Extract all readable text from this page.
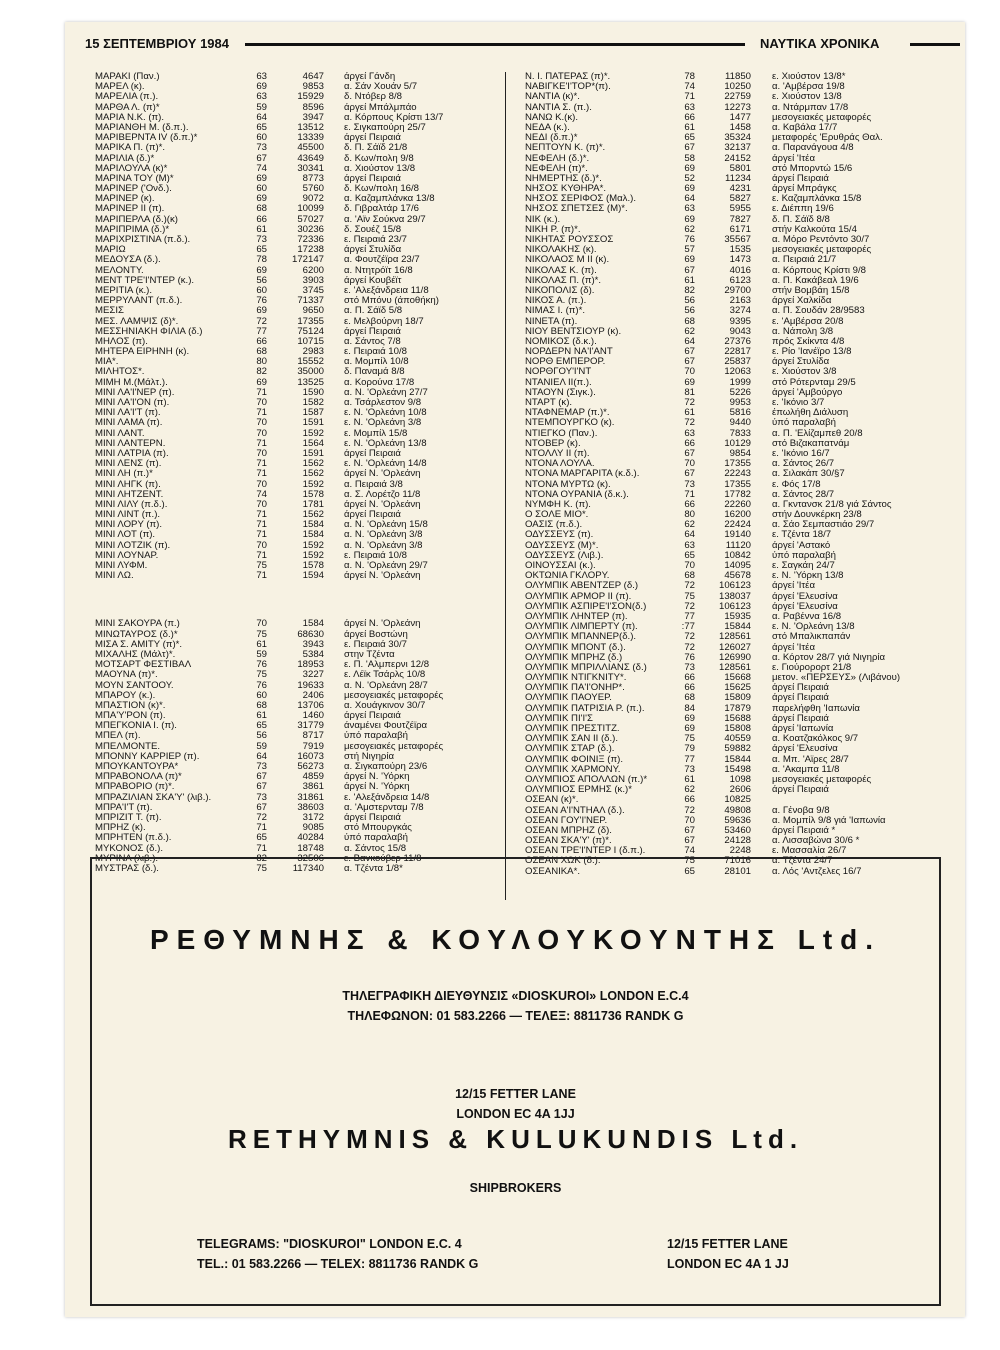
15 ΣΕΠΤΕΜΒΡΙΟΥ 1984	ΝΑΥΤΙΚΑ ΧΡΟΝΙΚΑ
ΜΑΡΑΚΙ (Παν.)	63	4647 άργεί Γάνδη
ΜΑΡΕΛ (κ).	69	9853 α. Σάν Χουάν 5/7
ΜΑΡΕΛΙΑ (π.).	63	15929 δ. Ντόβερ 8/8
ΜΑΡΘΑ Λ. (π)*	59	8596 άργεί Μπάλμπάο
ΜΑΡΙΑ Ν.Κ. (π).	64	3947 α. Κόρπους Κρίστι 13/7
ΜΑΡΙΑΝΘΗ Μ. (δ.π.).	65	13512 ε. Σιγκαπούρη 25/7
ΜΑΡΙΒΕΡΝΤΑ IV (δ.π.)*	60	13339 άργεί Πειραιά
ΜΑΡΙΚΑ Π. (π)*.	73	45500 δ. Π. Σάϊδ 21/8
ΜΑΡΙΛΙΑ (δ.)*	67	43649 δ. Κων/πολη 9/8
ΜΑΡΙΛΟΥΛΑ (κ)*	74	30341 α. Χιούστον 13/8
ΜΑΡΙΝΑ ΤΟΥ (Μ)*	69	8773 άργεί Πειραιά
ΜΑΡΙΝΕΡ ('Ονδ.).	60	5760 δ. Κων/πολη 16/8
ΜΑΡΙΝΕΡ (κ).	69	9072 α. Καζαμπλάνκα 13/8
ΜΑΡΙΝΕΡ II (π).	68	10099 δ. Γιβραλτάρ 17/6
ΜΑΡΙΠΕΡΛΑ (δ.)(κ)	66	57027 α. 'Αϊν Σούκνα 29/7
ΜΑΡΙΠΡΙΜΑ (δ.)*	61	30236 δ. Σουέζ 15/8
ΜΑΡΙΧΡΙΣΤΙΝΑ (π.δ.).	73	72336 ε. Πειραιά 23/7
ΜΑΡΙΩ	65	17238 άργεί Στυλίδα
ΜΕΔΟΥΣΑ (δ.).	78	172147 α. Φουτζέϊρα 23/7
ΜΕΛΟΝΤΥ.	69	6200 α. Ντητρόϊτ 16/8
ΜΕΝΤ ΤΡΕ'Ι'ΝΤΕΡ (κ.).	56	3903 άργεί Κουβέϊτ
ΜΕΡΙΤΙΑ (κ.).	60	3745 ε. 'Αλεξάνδρεια 11/8
ΜΕΡΡΥΛΑΝΤ (π.δ.).	76	71337 στό Μπόνυ (άποθήκη)
ΜΕΣΙΣ	69	9650 α. Π. Σάϊδ 5/8
ΜΕΣ. ΛΑΜΨΙΣ (δ)*.	72	17355 ε. Μελβούρνη 18/7
ΜΕΣΣΗΝΙΑΚΗ ΦΙΛΙΑ (δ.)	77	75124 άργεί Πειραιά
ΜΗΛΟΣ (π).	66	10715 α. Σάντος 7/8
ΜΗΤΕΡΑ ΕΙΡΗΝΗ (κ).	68	2983 ε. Πειραιά 10/8
ΜΙΑ*.	80	15552 α. Μομπίλ 10/8
ΜΙΛΗΤΟΣ*.	82	35000 δ. Παναμά 8/8
ΜΙΜΗ Μ.(Μάλτ.).	69	13525 α. Κορούνα 17/8
ΜΙΝΙ ΛΑ'Ι'ΝΕΡ (π).	71	1590 α. Ν. 'Ορλεάνη 27/7
ΜΙΝΙ ΛΑ'Ι'ΟΝ (π).	70	1582 α. Τσάρλεστον 9/8
ΜΙΝΙ ΛΑ'Ι'Τ (π).	71	1587 ε. Ν. 'Ορλεάνη 10/8
ΜΙΝΙ ΛΑΜΑ (π).	70	1591 ε. Ν. 'Ορλεάνη 3/8
ΜΙΝΙ ΛΑΝΤ.	70	1592 ε. Μομπίλ 15/8
ΜΙΝΙ ΛΑΝΤΕΡΝ.	71	1564 ε. Ν. 'Ορλεάνη 13/8
ΜΙΝΙ ΛΑΤΡΙΑ (π).	70	1591 άργεί Πειραιά
ΜΙΝΙ ΛΕΝΣ (π).	71	1562 ε. Ν. 'Ορλεάνη 14/8
ΜΙΝΙ ΛΗ (π.)*	71	1562 άργεί Ν. 'Ορλεάνη
ΜΙΝΙ ΛΗΓΚ (π).	70	1592 α. Πειραιά 3/8
ΜΙΝΙ ΛΗΤΖΕΝΤ.	74	1578 α. Σ. Λορέτζο 11/8
ΜΙΝΙ ΛΙΛΥ (π.δ.).	70	1781 άργεί Ν. 'Ορλεάνη
ΜΙΝΙ ΛΙΝΤ (π.).	71	1562 άργεί Πειραιά
ΜΙΝΙ ΛΟΡΥ (π).	71	1584 α. Ν. 'Ορλεάνη 15/8
ΜΙΝΙ ΛΟΤ (π).	71	1584 α. Ν. 'Ορλεάνη 3/8
ΜΙΝΙ ΛΟΤΖΙΚ (π).	70	1592 α. Ν. 'Ορλεάνη 3/8
ΜΙΝΙ ΛΟΥΝΑΡ.	71	1592 ε. Πειραιά 10/8
ΜΙΝΙ ΛΥΦΜ.	75	1578 α. Ν. 'Ορλεάνη 29/7
ΜΙΝΙ ΛΩ.	71	1594 άργεί Ν. 'Ορλεάνη
ΜΙΝΙ ΣΑΚΟΥΡΑ (π.)	70	1584 άργεί Ν. 'Ορλεάνη
ΜΙΝΩΤΑΥΡΟΣ (δ.)*	75	68630 άργεί Βοστώνη
ΜΙΣΑ Σ. ΑΜΙΤΥ (π)*.	61	3943 ε. Πειραιά 30/7
ΜΙΧΑΛΗΣ (Μάλτ)*.	59	5384 στην Τζέντα
ΜΟΤΣΑΡΤ ΦΕΣΤΙΒΑΛ	76	18953 ε. Π. 'Αλμπερνι 12/8
ΜΑΟΥΝΑ (π)*.	75	3227 ε. Λέϊκ Τσάρλς 10/8
ΜΟΥΝ ΣΑΝΤΟΟΥ.	76	19633 α. Ν. 'Ορλεάνη 28/7
ΜΠΑΡΟΥ (κ.).	60	2406 μεσογειακές μεταφορές
ΜΠΑΣΤΙΟΝ (κ)*.	68	13706 α. Χουάγκινον 30/7
ΜΠΑ'Υ'ΡΟΝ (π).	61	1460 άργεί Πειραιά
ΜΠΕΓΚΟΝΙΑ Ι. (π).	65	31779 άναμένει Φουτζέϊρα
ΜΠΕΛ (π).	56	8717 ύπό παραλαβή
ΜΠΕΛΜΟΝΤΕ.	59	7919 μεσογειακές μεταφορές
ΜΠΟΝΝΥ ΚΑΡΡΙΕΡ (π).	64	16073 στή Νιγηρία
ΜΠΟΥΚΑΝΤΟΥΡΑ*	73	56273 α. Σιγκαπούρη 23/6
ΜΠΡΑΒΟΝΟΛΑ (π)*	67	4859 άργεί Ν. 'Υόρκη
ΜΠΡΑΒΟΡΙΟ (π)*.	67	3861 άργεί Ν. 'Υόρκη
ΜΠΡΑΖΙΛΙΑΝ ΣΚΑ'Υ' (λιβ.).	73	31861 ε. 'Αλεξάνδρεια 14/8
ΜΠΡΑ'Ι'Τ (π).	67	38603 α. 'Αμστερνταμ 7/8
ΜΠΡΙΖΙΤ Τ. (π).	72	3172 άργεί Πειραιά
ΜΠΡΗΖ (κ).	71	9085 στό Μπουργκάς
ΜΠΡΗΤΕΝ (π.δ.).	65	40284 ύπό παραλαβή
ΜΥΚΟΝΟΣ (δ.).	71	18748 α. Σάντος 15/8
ΜΥΡΙΝΑ (λιβ.).	82	32506 ε. Βανκούβερ 11/8
ΜΥΣΤΡΑΣ (δ.).	75	117340 α. Τζέντα 1/8*
Ν. Ι. ΠΑΤΕΡΑΣ (π)*.	78	11850 ε. Χιούστον 13/8*
ΝΑΒΙΓΚΕ'Ι'ΤΟΡ*(π).	74	10250 α. 'Αμβέρσα 19/8
ΝΑΝΤΙΑ (κ)*.	71	22759 ε. Χιούστον 13/8
ΝΑΝΤΙΑ Σ. (π.).	63	12273 α. Ντάρμπαν 17/8
ΝΑΝΩ Κ.(κ).	66	1477 μεσογειακές μεταφορές
ΝΕΔΑ (κ.).	61	1458 α. Καβάλα 17/7
ΝΕΔΙ (δ.π.)*	65	35324 μεταφορές 'Ερυθράς Θαλ.
ΝΕΠΤΟΥΝ Κ. (π)*.	67	32137 α. Παρανάγουα 4/8
ΝΕΦΕΛΗ (δ.)*.	58	24152 άργεί 'Ιτέα
ΝΕΦΕΛΗ (π)*.	69	5801 στό Μπορντώ 15/6
ΝΗΜΕΡΤΗΣ (δ.)*.	52	11234 άργεί Πειραιά
ΝΗΣΟΣ ΚΥΘΗΡΑ*.	69	4231 άργεί Μπράγκς
ΝΗΣΟΣ ΣΕΡΙΦΟΣ (Μαλ.).	64	5827 ε. Καζαμπλάνκα 15/8
ΝΗΣΟΣ ΣΠΕΤΣΕΣ (Μ)*.	63	5955 ε. Διέππη 19/6
ΝΙΚ (κ.).	69	7827 δ. Π. Σάϊδ 8/8
ΝΙΚΗ Ρ. (π)*.	62	6171 στήν Καλκούτα 15/4
ΝΙΚΗΤΑΣ ΡΟΥΣΣΟΣ	76	35567 α. Μόρο Ρεντόντο 30/7
ΝΙΚΟΛΑΚΗΣ (κ).	57	1535 μεσογειακές μεταφορές
ΝΙΚΟΛΑΟΣ Μ ΙΙ (κ).	69	1473 α. Πειραιά 21/7
ΝΙΚΟΛΑΣ Κ. (π).	67	4016 α. Κόρπους Κρίστι 9/8
ΝΙΚΟΛΑΣ Π. (π)*.	61	6123 α. Π. Κακάβεαλ 19/6
ΝΙΚΟΠΟΛΙΣ (δ).	82	29700 στήν Βομβάη 15/8
ΝΙΚΟΣ Α. (π.).	56	2163 άργεί Χαλκίδα
ΝΙΜΑΣ Ι. (π)*.	56	3274 α. Π. Σουδάν 28/9583
ΝΙΝΕΤΑ (π).	68	9395 ε. 'Αμβέρσα 20/8
ΝΙΟΥ ΒΕΝΤΣΙΟΥΡ (κ).	62	9043 α. Νάπολη 3/8
ΝΟΜΙΚΟΣ (δ.κ.).	64	27376 πρός Σκίκντα 4/8
ΝΟΡΔΕΡΝ ΝΑ'Ι'ΑΝΤ	67	22817 ε. Ρίο 'Ιανέϊρο 13/8
ΝΟΡΘ ΕΜΠΕΡΟΡ.	67	25837 άργεί Στυλίδα
ΝΟΡΘΓΟΥ'Ι'ΝΤ	70	12063 ε. Χιούστον 3/8
ΝΤΑΝΙΕΛ ΙΙ(π.).	69	1999 στό Ρότερνταμ 29/5
ΝΤΑΟΥΝ (Σιγκ.).	81	5226 άργεί 'Αμβούργο
ΝΤΑΡΤ (κ).	72	9953 ε. 'Ικόνιο 3/7
ΝΤΑΦΝΕΜΑΡ (π.)*.	61	5816 έπωλήθη Διάλυση
ΝΤΕΜΠΟΥΡΓΚΟ (κ).	72	9440 ύπό παραλαβή
ΝΤΙΕΓΚΟ (Παν.).	63	7833 α. Π. 'Ελίζαμπεθ 20/8
ΝΤΟΒΕΡ (κ).	66	10129 στό Βιζακαπατνάμ
ΝΤΟΛΛΥ ΙΙ (π).	67	9854 ε. 'Ικόνιο 16/7
ΝΤΟΝΑ ΛΟΥΛΑ.	70	17355 α. Σάντος 26/7
ΝΤΟΝΑ ΜΑΡΓΑΡΙΤΑ (κ.δ.).	67	22243 α. Σιλακάπ 30/§7
ΝΤΟΝΑ ΜΥΡΤΩ (κ).	73	17355 ε. Φός 17/8
ΝΤΟΝΑ ΟΥΡΑΝΙΑ (δ.κ.).	71	17782 α. Σάντος 28/7
ΝΥΜΦΗ Κ. (π).	66	22260 α. Γκντανσκ 21/8 γιά Σάντος
Ο ΣΟΛΕ ΜΙΟ*.	80	16200 στήν Δουνκέρκη 23/8
ΟΑΣΙΣ (π.δ.).	62	22424 α. Σάο Σεμπαστιάο 29/7
ΟΔΥΣΣΕΥΣ (π).	64	19140 ε. Τζέντα 18/7
ΟΔΥΣΣΕΥΣ (Μ)*.	63	11120 άργεί 'Αστακό
ΟΔΥΣΣΕΥΣ (Λιβ.).	65	10842 ύπό παραλαβή
ΟΙΝΟΥΣΣΑΙ (κ.).	70	14095 ε. Σαγκάη 24/7
ΟΚΤΩΝΙΑ ΓΚΛΟΡΥ.	68	45678 ε. Ν. 'Υόρκη 13/8
ΟΛΥΜΠΙΚ ΑΒΕΝΤΖΕΡ (δ.)	72	106123 άργεί 'Ιτέα
ΟΛΥΜΠΙΚ ΑΡΜΟΡ ΙΙ (π).	75	138037 άργεί 'Ελευσίνα
ΟΛΥΜΠΙΚ ΑΣΠΙΡΕ'Ι'ΣΟΝ(δ.)	72	106123 άργεί 'Ελευσίνα
ΟΛΥΜΠΙΚ ΛΗΝΤΕΡ (π).	77	15935 α. Ραβέννα 16/8
ΟΛΥΜΠΙΚ ΛΙΜΠΕΡΤΥ (π).	:77	15844 ε. Ν. 'Ορλεάνη 13/8
ΟΛΥΜΠΙΚ ΜΠΑΝΝΕΡ(δ.).	72	128561 στό Μπαλικπαπάν
ΟΛΥΜΠΙΚ ΜΠΟΝΤ (δ.).	72	126027 άργεί 'Ιτέα
ΟΛΥΜΠΙΚ ΜΠΡΗΖ (δ.)	76	126990 α. Κόρτον 28/7 γιά Νιγηρία
ΟΛΥΜΠΙΚ ΜΠΡΙΛΛΙΑΝΣ (δ.)	73	128561 ε. Γιούρορορτ 21/8
ΟΛΥΜΠΙΚ ΝΤΙΓΚΝΙΤΥ*.	66	15668 μετον. «ΠΕΡΣΕΥΣ» (Λιβάνου)
ΟΛΥΜΠΙΚ ΠΑ'Ι'ΟΝΗΡ*.	66	15625 άργεί Πειραιά
ΟΛΥΜΠΙΚ ΠΑΟΥΕΡ.	68	15809 άργεί Πειραιά
ΟΛΥΜΠΙΚ ΠΑΤΡΙΣΙΑ Ρ. (π.).	84	17879 παρελήφθη 'Ιαπωνία
ΟΛΥΜΠΙΚ ΠΙ'Ι'Σ	69	15688 άργεί Πειραιά
ΟΛΥΜΠΙΚ ΠΡΕΣΤΙΤΖ.	69	15808 άργεί 'Ιαπωνία
ΟΛΥΜΠΙΚ ΣΑΝ ΙΙ (δ.).	75	40559 α. Κοατζακόλκος 9/7
ΟΛΥΜΠΙΚ ΣΤΑΡ (δ.).	79	59882 άργεί 'Ελευσίνα
ΟΛΥΜΠΙΚ ΦΟΙΝΙΞ (π).	77	15844 α. Μπ. 'Αϊρες 28/7
ΟΛΥΜΠΙΚ ΧΑΡΜΟΝΥ.	73	15498 α. 'Ακαμπα 11/8
ΟΛΥΜΠΙΟΣ ΑΠΟΛΛΩΝ (π.)*	61	1098 μεσογειακές μεταφορές
ΟΛΥΜΠΙΟΣ ΕΡΜΗΣ (κ.)*	62	2606 άργεί Πειραιά
ΟΣΕΑΝ (κ)*.	66	10825
ΟΣΕΑΝ Α'Ι'ΝΤΗΑΛ (δ.).	72	49808 α. Γένοβα 9/8
ΟΣΕΑΝ ΓΟΥ'Ι'ΝΕΡ.	70	59636 α. Μομπίλ 9/8 γιά 'Ιαπωνία
ΟΣΕΑΝ ΜΠΡΗΖ (δ).	67	53460 άργεί Πειραιά *
ΟΣΕΑΝ ΣΚΑ'Υ' (π)*.	67	24128 α. Λισσαβώνα 30/6 *
ΟΣΕΑΝ ΤΡΕ'Ι'ΝΤΕΡ Ι (δ.π.).	74	2248 ε. Μασσαλία 26/7
ΟΣΕΑΝ ΧΩΚ (δ.).	75	71016 α. Τζέντα 24/7
ΟΣΕΑΝΙΚΑ*.	65	28101 α. Λός 'Αντζελες 16/7
ΡΕΘΥΜΝΗΣ & ΚΟΥΛΟΥΚΟΥΝΤΗΣ Ltd.
ΤΗΛΕΓΡΑΦΙΚΗ ΔΙΕΥΘΥΝΣΙΣ «DIOSKUROI» LONDON E.C.4
ΤΗΛΕΦΩΝΟΝ: 01 583.2266 — ΤΕΛΕΞ: 8811736 RANDK G
12/15 FETTER LANE
LONDON EC 4A 1JJ
RETHYMNIS & KULUKUNDIS Ltd.
SHIPBROKERS
TELEGRAMS: "DIOSKUROI" LONDON E.C. 4
TEL.: 01 583.2266 — TELEX: 8811736 RANDK G
12/15 FETTER LANE
LONDON EC 4A 1 JJ
